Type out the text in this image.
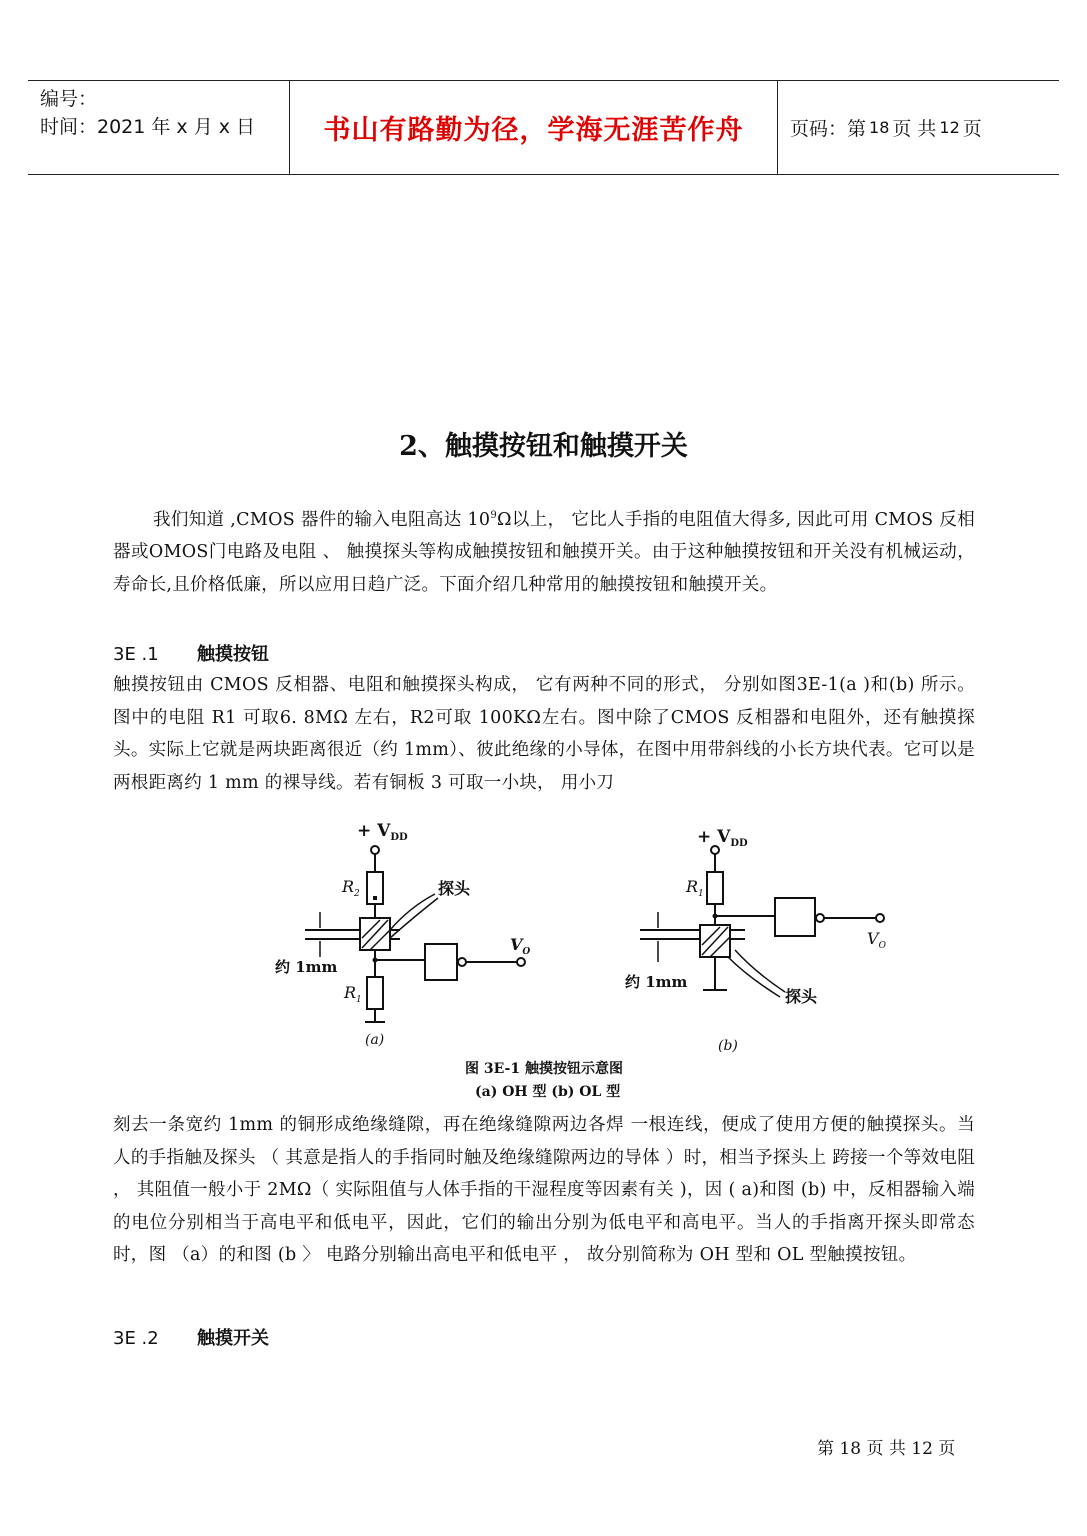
编号：
时间：2021 年 x 月 x 日	书山有路勤为径，学海无涯苦作舟	页码：第 18 页 共 12 页
2、触摸按钮和触摸开关
我们知道 ,CMOS 器件的输入电阻高达 $10^9\Omega$以上， 它比人手指的电阻值大得多, 因此可用 CMOS 反相器或OMOS门电路及电阻 、 触摸探头等构成触摸按钮和触摸开关。由于这种触摸按钮和开关没有机械运动，寿命长,且价格低廉，所以应用日趋广泛。下面介绍几种常用的触摸按钮和触摸开关。
3E .1 触摸按钮
触摸按钮由 CMOS 反相器、电阻和触摸探头构成， 它有两种不同的形式， 分别如图3E-1(a )和(b) 所示。图中的电阻 R1 可取6. 8MΩ 左右，R2可取 100KΩ左右。图中除了CMOS 反相器和电阻外，还有触摸探头。实际上它就是两块距离很近（约 1mm）、彼此绝缘的小导体，在图中用带斜线的小长方块代表。它可以是两根距离约 1 mm 的裸导线。若有铜板 3 可取一小块， 用小刀
+ $V_{DD}$	+ $V_{DD}$
$R_2$
$R_1$
$R_1$
探头
探头
约 1mm
约 1mm
$V_O$
$V_O$
(a)	(b)
图 3E-1 触摸按钮示意图
(a) OH 型 (b) OL 型
刻去一条宽约 1mm 的铜形成绝缘缝隙，再在绝缘缝隙两边各焊 一根连线，便成了使用方便的触摸探头。当人的手指触及探头 （ 其意是指人的手指同时触及绝缘缝隙两边的导体 ）时，相当予探头上 跨接一个等效电阻 ， 其阻值一般小于 2MΩ（ 实际阻值与人体手指的干湿程度等因素有关 )，因 ( a)和图 (b) 中，反相器输入端的电位分别相当于高电平和低电平，因此，它们的输出分别为低电平和高电平。当人的手指离开探头即常态时，图 （a）的和图 (b 〉 电路分别输出高电平和低电平 ， 故分别简称为 OH 型和 OL 型触摸按钮。
3E .2 触摸开关
第 18 页 共 12 页
